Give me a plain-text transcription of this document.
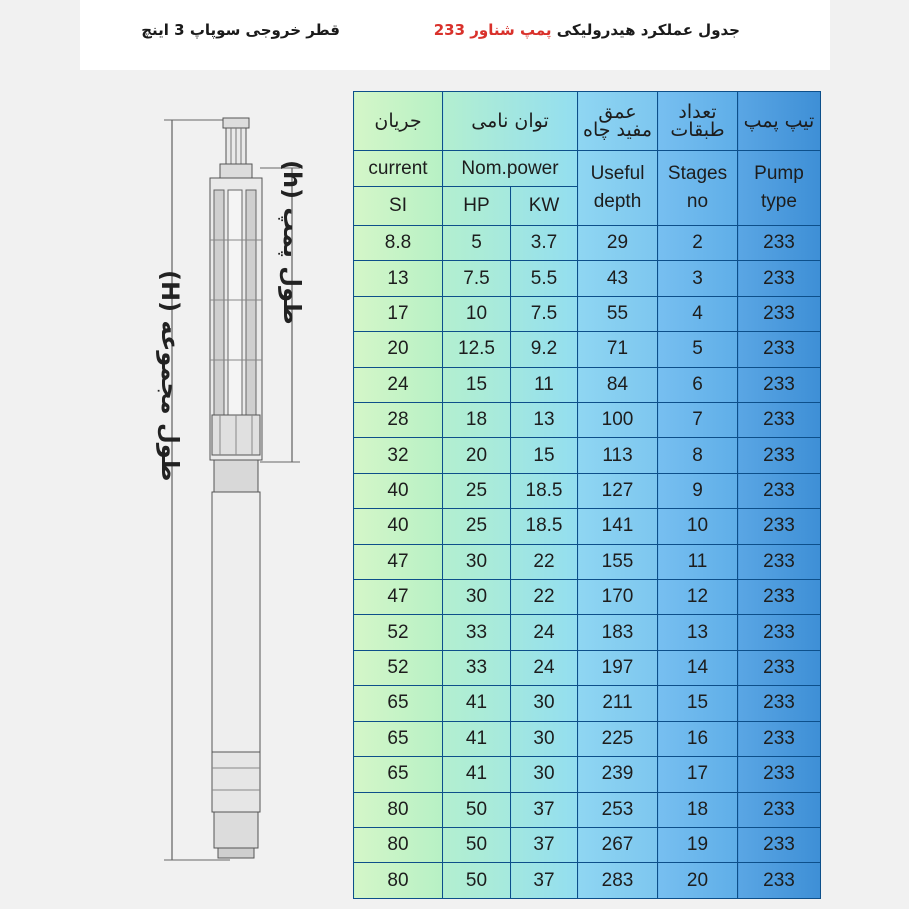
جدول عملکرد هیدرولیکی پمپ شناور 233
قطر خروجی سوپاپ 3 اینچ
طول مجموعه (H)
طول پمپ (h)
جریان	توان نامی		عمق مفید چاه	تعداد طبقات	تیپ پمپ
current	Nom.power		Useful depth	Stages no	Pump type
SI	HP	KW			
8.8	5	3.7	29	2	233
13	7.5	5.5	43	3	233
17	10	7.5	55	4	233
20	12.5	9.2	71	5	233
24	15	11	84	6	233
28	18	13	100	7	233
32	20	15	113	8	233
40	25	18.5	127	9	233
40	25	18.5	141	10	233
47	30	22	155	11	233
47	30	22	170	12	233
52	33	24	183	13	233
52	33	24	197	14	233
65	41	30	211	15	233
65	41	30	225	16	233
65	41	30	239	17	233
80	50	37	253	18	233
80	50	37	267	19	233
80	50	37	283	20	233
